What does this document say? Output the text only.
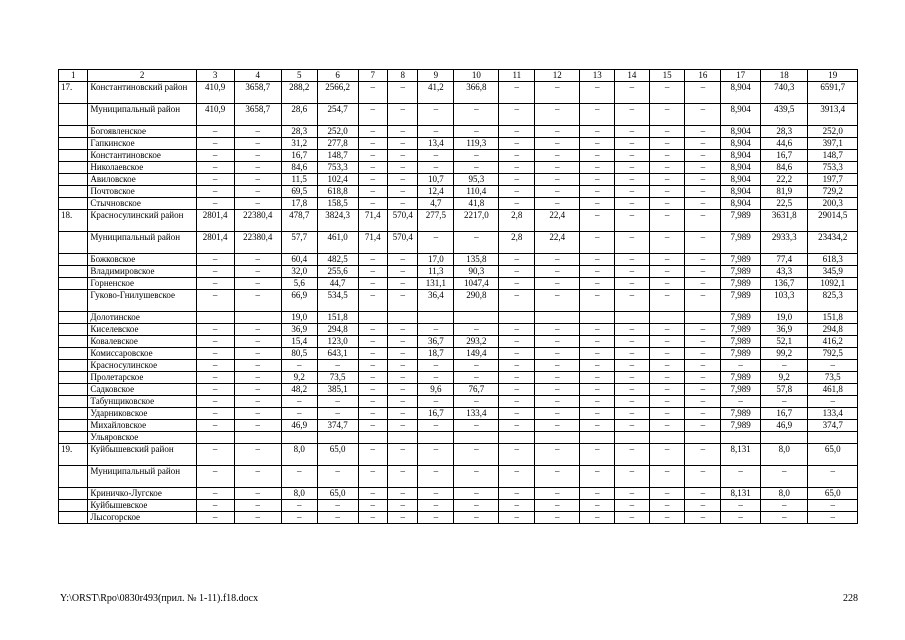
1	2	3	4	5	6	7	8	9	10	11	12	13	14	15	16	17	18	19
17.	Константиновский район	410,9	3658,7	288,2	2566,2	–	–	41,2	366,8	–	–	–	–	–	–	8,904	740,3	6591,7
	Муниципальный район	410,9	3658,7	28,6	254,7	–	–	–	–	–	–	–	–	–	–	8,904	439,5	3913,4
	Богоявленское	–	–	28,3	252,0	–	–	–	–	–	–	–	–	–	–	8,904	28,3	252,0
	Гапкинское	–	–	31,2	277,8	–	–	13,4	119,3	–	–	–	–	–	–	8,904	44,6	397,1
	Константиновское	–	–	16,7	148,7	–	–	–	–	–	–	–	–	–	–	8,904	16,7	148,7
	Николаевское	–	–	84,6	753,3	–	–	–	–	–	–	–	–	–	–	8,904	84,6	753,3
	Авиловское	–	–	11,5	102,4	–	–	10,7	95,3	–	–	–	–	–	–	8,904	22,2	197,7
	Почтовское	–	–	69,5	618,8	–	–	12,4	110,4	–	–	–	–	–	–	8,904	81,9	729,2
	Стычновское	–	–	17,8	158,5	–	–	4,7	41,8	–	–	–	–	–	–	8,904	22,5	200,3
18.	Красносулинский район	2801,4	22380,4	478,7	3824,3	71,4	570,4	277,5	2217,0	2,8	22,4	–	–	–	–	7,989	3631,8	29014,5
	Муниципальный район	2801,4	22380,4	57,7	461,0	71,4	570,4	–	–	2,8	22,4	–	–	–	–	7,989	2933,3	23434,2
	Божковское	–	–	60,4	482,5	–	–	17,0	135,8	–	–	–	–	–	–	7,989	77,4	618,3
	Владимировское	–	–	32,0	255,6	–	–	11,3	90,3	–	–	–	–	–	–	7,989	43,3	345,9
	Горненское	–	–	5,6	44,7	–	–	131,1	1047,4	–	–	–	–	–	–	7,989	136,7	1092,1
	Гуково-Гнилушевское	–	–	66,9	534,5	–	–	36,4	290,8	–	–	–	–	–	–	7,989	103,3	825,3
	Долотинское			19,0	151,8											7,989	19,0	151,8
	Киселевское	–	–	36,9	294,8	–	–	–	–	–	–	–	–	–	–	7,989	36,9	294,8
	Ковалевское	–	–	15,4	123,0	–	–	36,7	293,2	–	–	–	–	–	–	7,989	52,1	416,2
	Комиссаровское	–	–	80,5	643,1	–	–	18,7	149,4	–	–	–	–	–	–	7,989	99,2	792,5
	Красносулинское	–	–	–	–	–	–	–	–	–	–	–	–	–	–	–	–	–
	Пролетарское	–	–	9,2	73,5	–	–	–	–	–	–	–	–	–	–	7,989	9,2	73,5
	Садковское	–	–	48,2	385,1	–	–	9,6	76,7	–	–	–	–	–	–	7,989	57,8	461,8
	Табунщиковское	–	–	–	–	–	–	–	–	–	–	–	–	–	–	–	–	–
	Ударниковское	–	–	–	–	–	–	16,7	133,4	–	–	–	–	–	–	7,989	16,7	133,4
	Михайловское	–	–	46,9	374,7	–	–	–	–	–	–	–	–	–	–	7,989	46,9	374,7
	Ульяровское																	
19.	Куйбышевский район	–	–	8,0	65,0	–	–	–	–	–	–	–	–	–	–	8,131	8,0	65,0
	Муниципальный район	–	–	–	–	–	–	–	–	–	–	–	–	–	–	–	–	–
	Криничко-Лугское	–	–	8,0	65,0	–	–	–	–	–	–	–	–	–	–	8,131	8,0	65,0
	Куйбышевское	–	–	–	–	–	–	–	–	–	–	–	–	–	–	–	–	–
	Лысогорское	–	–	–	–	–	–	–	–	–	–	–	–	–	–	–	–	–
Y:\ORST\Rpo\0830r493(прил. № 1-11).f18.docx	228
